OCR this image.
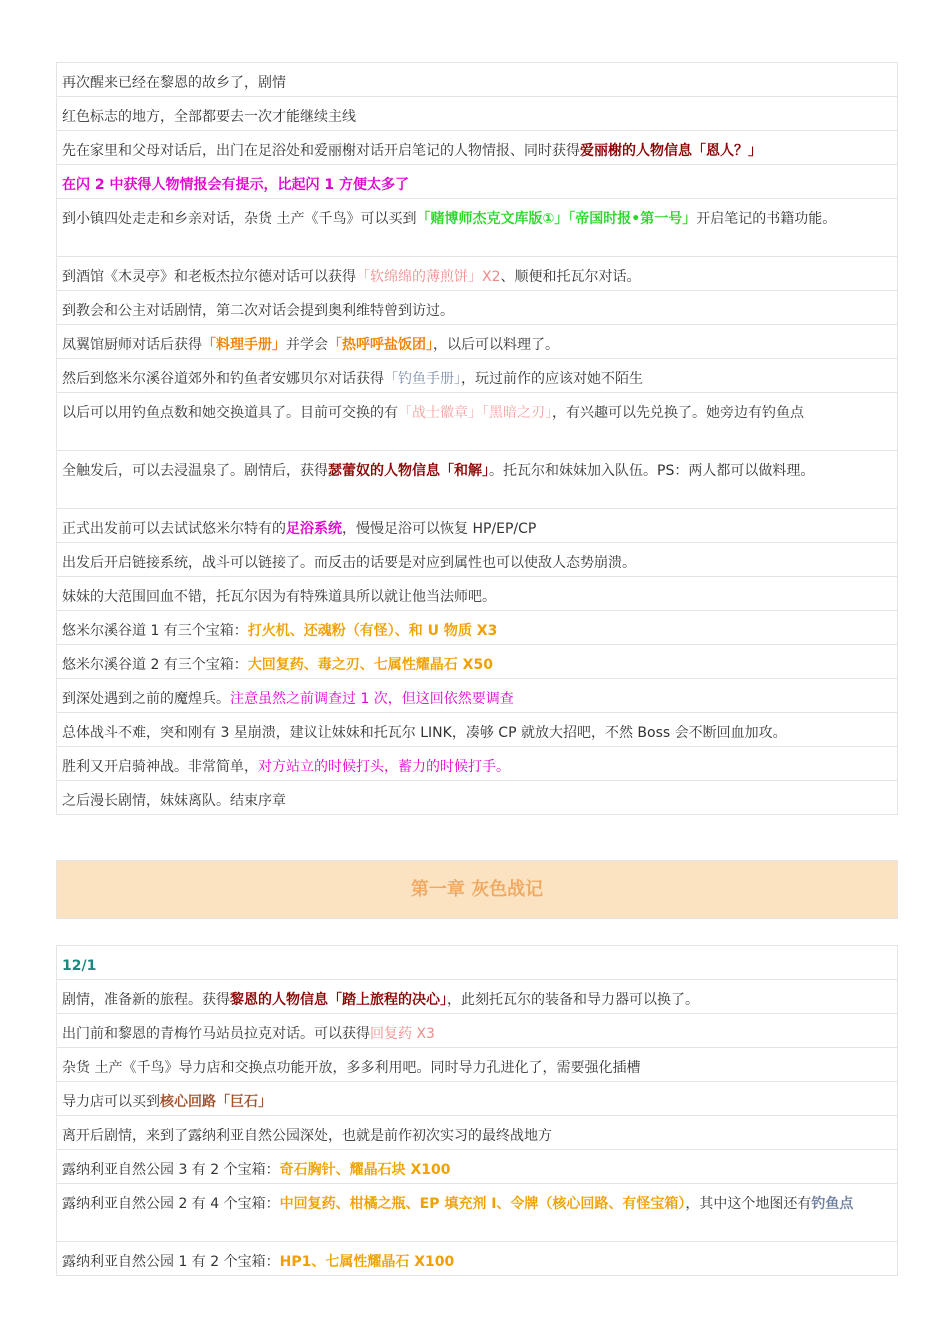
再次醒来已经在黎恩的故乡了，剧情
红色标志的地方，全部都要去一次才能继续主线
先在家里和父母对话后，出门在足浴处和爱丽榭对话开启笔记的人物情报、同时获得爱丽榭的人物信息「恩人？」
在闪 2 中获得人物情报会有提示，比起闪 1 方便太多了
到小镇四处走走和乡亲对话，杂货 土产《千鸟》可以买到「赌博师杰克文库版①」「帝国时报•第一号」开启笔记的书籍功能。
到酒馆《木灵亭》和老板杰拉尔德对话可以获得「软绵绵的薄煎饼」X2、顺便和托瓦尔对话。
到教会和公主对话剧情，第二次对话会提到奥利维特曾到访过。
凤翼馆厨师对话后获得「料理手册」并学会「热呼呼盐饭团」，以后可以料理了。
然后到悠米尔溪谷道郊外和钓鱼者安娜贝尔对话获得「钓鱼手册」，玩过前作的应该对她不陌生
以后可以用钓鱼点数和她交换道具了。目前可交换的有「战士徽章」「黑暗之刃」，有兴趣可以先兑换了。她旁边有钓鱼点
全触发后，可以去浸温泉了。剧情后，获得瑟蕾奴的人物信息「和解」。托瓦尔和妹妹加入队伍。PS：两人都可以做料理。
正式出发前可以去试试悠米尔特有的足浴系统，慢慢足浴可以恢复 HP/EP/CP
出发后开启链接系统，战斗可以链接了。而反击的话要是对应到属性也可以使敌人态势崩溃。
妹妹的大范围回血不错，托瓦尔因为有特殊道具所以就让他当法师吧。
悠米尔溪谷道 1 有三个宝箱：打火机、还魂粉（有怪）、和 U 物质 X3
悠米尔溪谷道 2 有三个宝箱：大回复药、毒之刃、七属性耀晶石 X50
到深处遇到之前的魔煌兵。注意虽然之前调查过 1 次，但这回依然要调查
总体战斗不难，突和刚有 3 星崩溃，建议让妹妹和托瓦尔 LINK，凑够 CP 就放大招吧，不然 Boss 会不断回血加攻。
胜利又开启骑神战。非常简单，对方站立的时候打头，蓄力的时候打手。
之后漫长剧情，妹妹离队。结束序章
第一章 灰色战记
12/1
剧情，准备新的旅程。获得黎恩的人物信息「踏上旅程的决心」，此刻托瓦尔的装备和导力器可以换了。
出门前和黎恩的青梅竹马站员拉克对话。可以获得回复药 X3
杂货 土产《千鸟》导力店和交换点功能开放，多多利用吧。同时导力孔进化了，需要强化插槽
导力店可以买到核心回路「巨石」
离开后剧情，来到了露纳利亚自然公园深处，也就是前作初次实习的最终战地方
露纳利亚自然公园 3 有 2 个宝箱：奇石胸针、耀晶石块 X100
露纳利亚自然公园 2 有 4 个宝箱：中回复药、柑橘之瓶、EP 填充剂 I、令牌（核心回路、有怪宝箱），其中这个地图还有钓鱼点
露纳利亚自然公园 1 有 2 个宝箱：HP1、七属性耀晶石 X100
